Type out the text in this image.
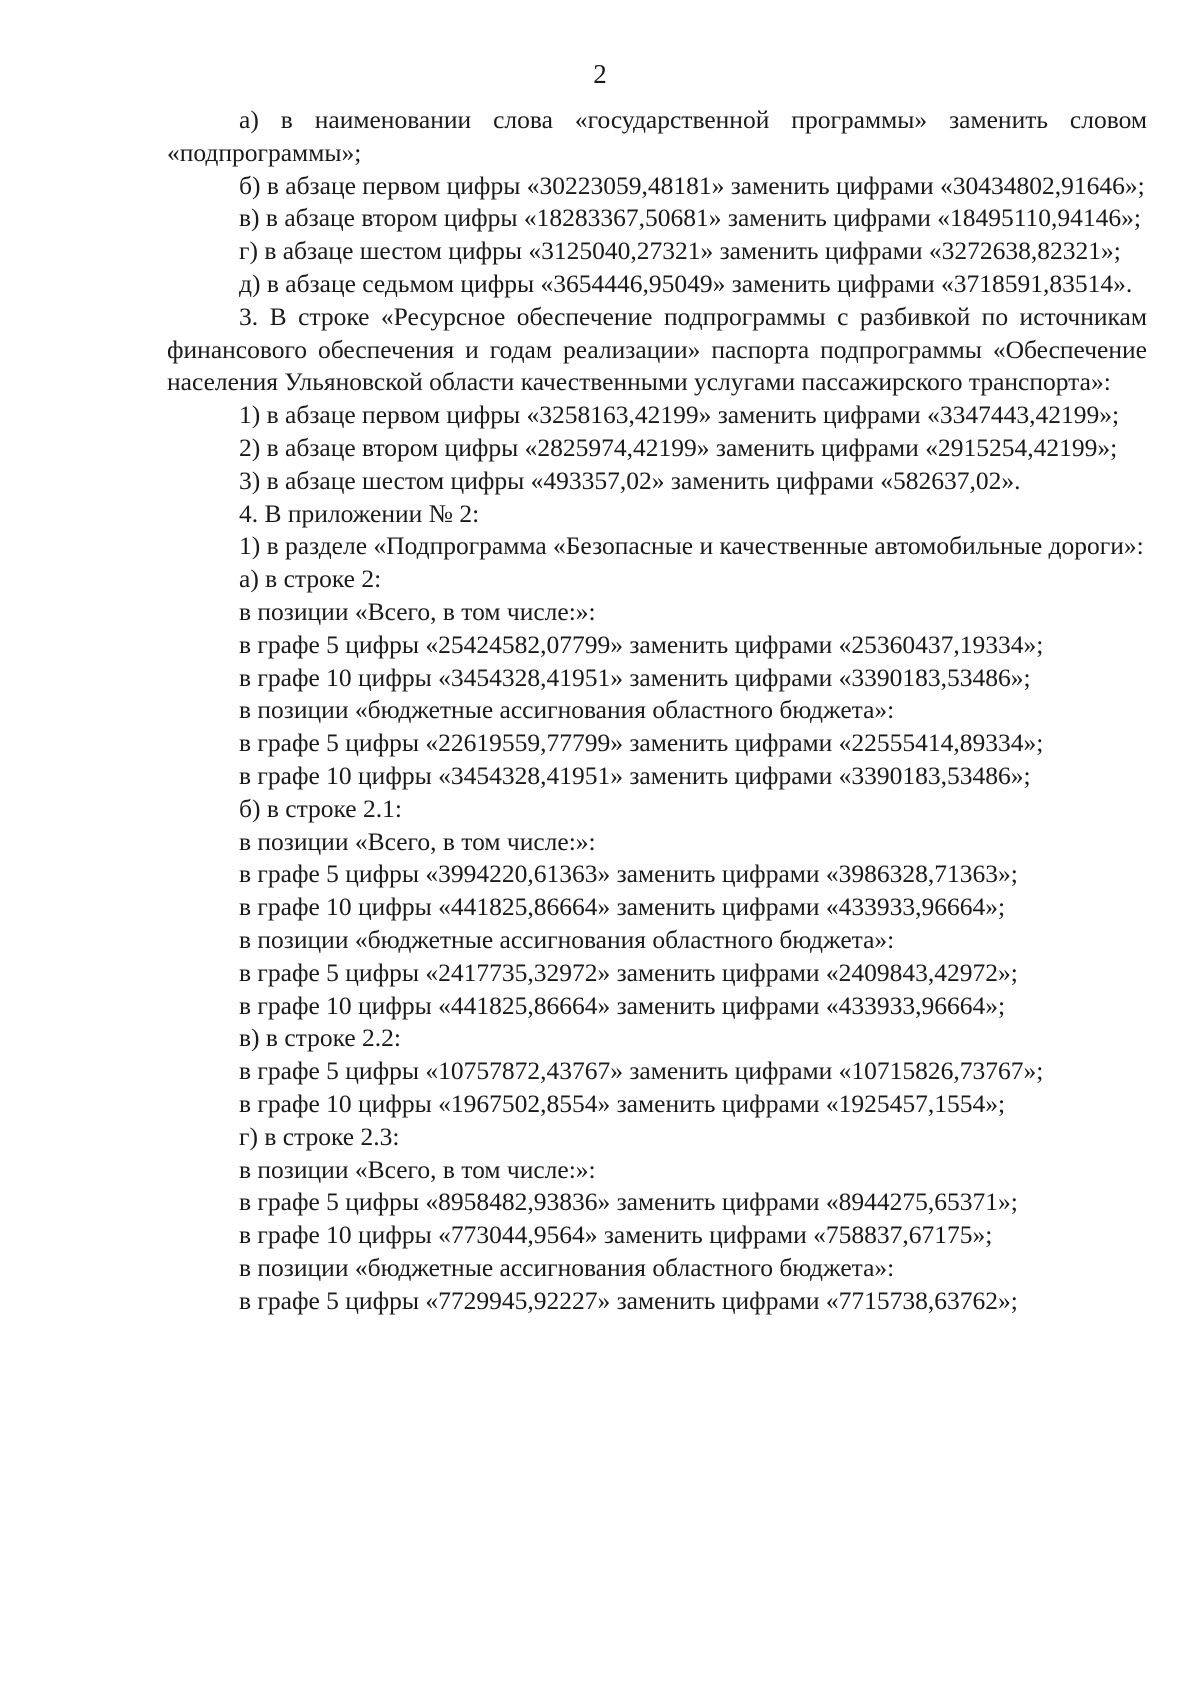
2

а) в наименовании слова «государственной программы» заменить словом «подпрограммы»;

б) в абзаце первом цифры «30223059,48181» заменить цифрами «30434802,91646»;

в) в абзаце втором цифры «18283367,50681» заменить цифрами «18495110,94146»;

г) в абзаце шестом цифры «3125040,27321» заменить цифрами «3272638,82321»;

д) в абзаце седьмом цифры «3654446,95049» заменить цифрами «3718591,83514».

3. В строке «Ресурсное обеспечение подпрограммы с разбивкой по источникам финансового обеспечения и годам реализации» паспорта подпрограммы «Обеспечение населения Ульяновской области качественными услугами пассажирского транспорта»:

1) в абзаце первом цифры «3258163,42199» заменить цифрами «3347443,42199»;

2) в абзаце втором цифры «2825974,42199» заменить цифрами «2915254,42199»;

3) в абзаце шестом цифры «493357,02» заменить цифрами «582637,02».

4. В приложении № 2:

1) в разделе «Подпрограмма «Безопасные и качественные автомобильные дороги»:

а) в строке 2:

в позиции «Всего, в том числе:»:

в графе 5 цифры «25424582,07799» заменить цифрами «25360437,19334»;

в графе 10 цифры «3454328,41951» заменить цифрами «3390183,53486»;

в позиции «бюджетные ассигнования областного бюджета»:

в графе 5 цифры «22619559,77799» заменить цифрами «22555414,89334»;

в графе 10 цифры «3454328,41951» заменить цифрами «3390183,53486»;

б) в строке 2.1:

в позиции «Всего, в том числе:»:

в графе 5 цифры «3994220,61363» заменить цифрами «3986328,71363»;

в графе 10 цифры «441825,86664» заменить цифрами «433933,96664»;

в позиции «бюджетные ассигнования областного бюджета»:

в графе 5 цифры «2417735,32972» заменить цифрами «2409843,42972»;

в графе 10 цифры «441825,86664» заменить цифрами «433933,96664»;

в) в строке 2.2:

в графе 5 цифры «10757872,43767» заменить цифрами «10715826,73767»;

в графе 10 цифры «1967502,8554» заменить цифрами «1925457,1554»;

г) в строке 2.3:

в позиции «Всего, в том числе:»:

в графе 5 цифры «8958482,93836» заменить цифрами «8944275,65371»;

в графе 10 цифры «773044,9564» заменить цифрами «758837,67175»;

в позиции «бюджетные ассигнования областного бюджета»:

в графе 5 цифры «7729945,92227» заменить цифрами «7715738,63762»;
